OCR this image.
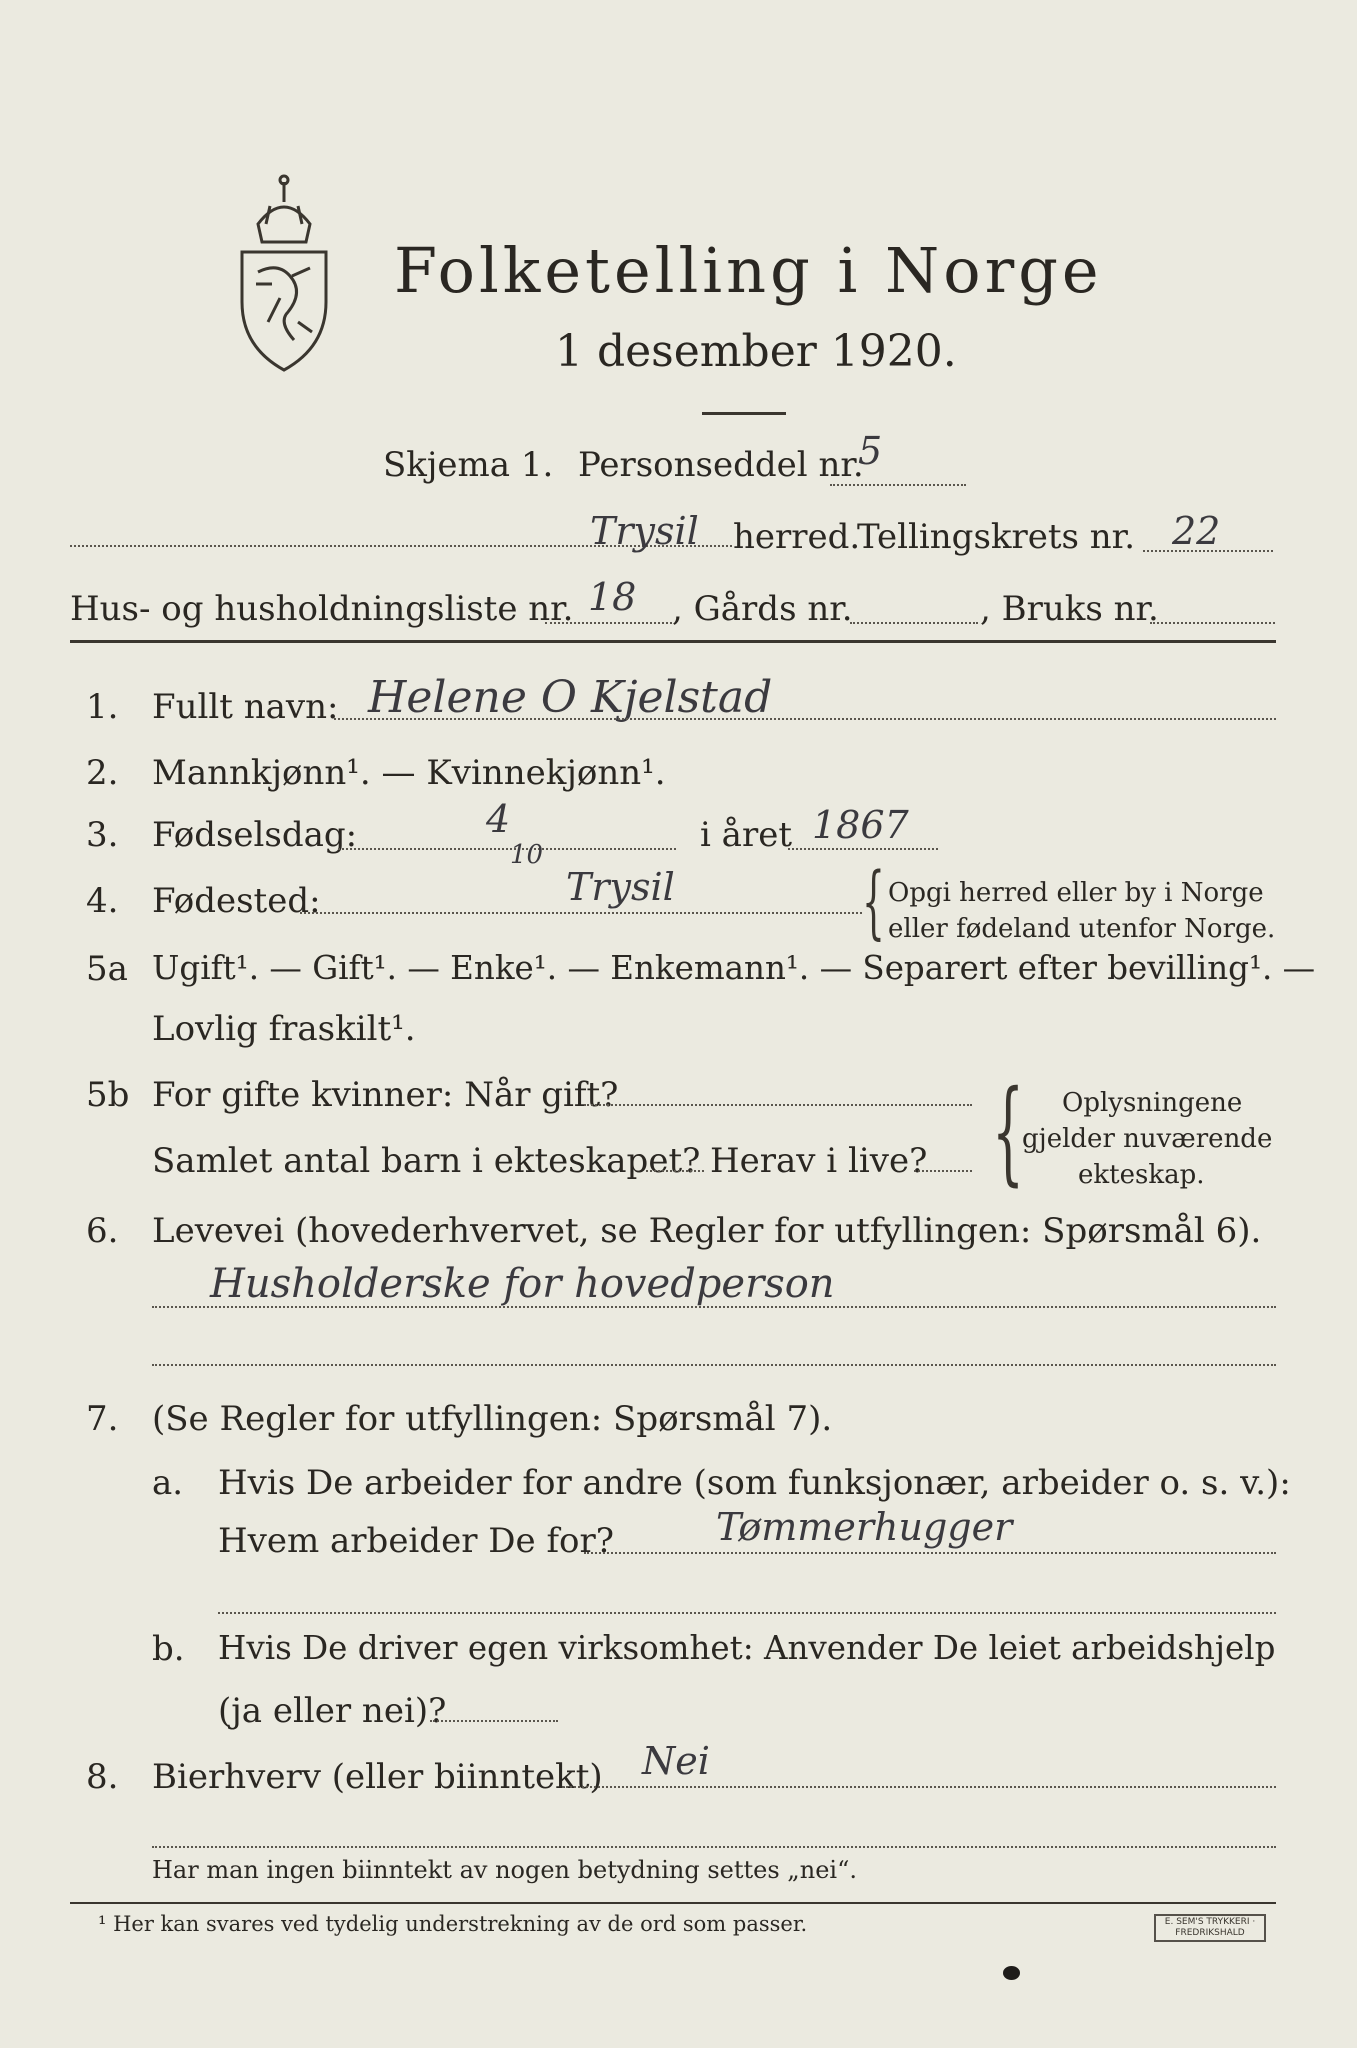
Folketelling i Norge
1 desember 1920.
Skjema 1. Personseddel nr.
5
Trysil herred.
Tellingskrets nr. 22
Hus- og husholdningsliste nr. 18 , Gårds nr.	, Bruks nr.
1. Fullt navn: Helene O Kjelstad
2. Mannkjønn¹. — Kvinnekjønn¹.
3. Fødselsdag:	4
10	i året 1867
4. Fødested:	Trysil { Opgi herred eller by i Norge
eller fødeland utenfor Norge.
5a Ugift¹. — Gift¹. — Enke¹. — Enkemann¹. — Separert efter bevilling¹. —
Lovlig fraskilt¹.
5b For gifte kvinner: Når gift?
Samlet antal barn i ekteskapet? Herav i live? { Oplysningene
gjelder nuværende
ekteskap.
6. Levevei (hovederhvervet, se Regler for utfyllingen: Spørsmål 6).
Husholderske for hovedperson
7. (Se Regler for utfyllingen: Spørsmål 7).
a. Hvis De arbeider for andre (som funksjonær, arbeider o. s. v.):
Hvem arbeider De for?	Tømmerhugger
b. Hvis De driver egen virksomhet: Anvender De leiet arbeidshjelp
(ja eller nei)?
8. Bierhverv (eller biinntekt) Nei
Har man ingen biinntekt av nogen betydning settes „nei“.
¹ Her kan svares ved tydelig understrekning av de ord som passer.	E. SEM'S TRYKKERI · FREDRIKSHALD
